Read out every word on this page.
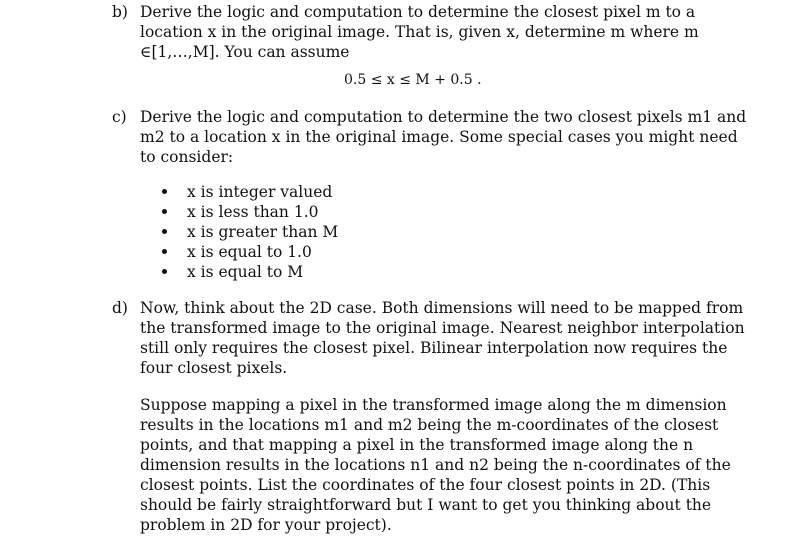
b) Derive the logic and computation to determine the closest pixel m to a
location x in the original image. That is, given x, determine m where m
∈[1,…,M]. You can assume
0.5 ≤ x ≤ M + 0.5 .
c) Derive the logic and computation to determine the two closest pixels m1 and
m2 to a location x in the original image. Some special cases you might need
to consider:
x is integer valued
x is less than 1.0
x is greater than M
x is equal to 1.0
x is equal to M
d) Now, think about the 2D case. Both dimensions will need to be mapped from
the transformed image to the original image. Nearest neighbor interpolation
still only requires the closest pixel. Bilinear interpolation now requires the
four closest pixels.
Suppose mapping a pixel in the transformed image along the m dimension
results in the locations m1 and m2 being the m-coordinates of the closest
points, and that mapping a pixel in the transformed image along the n
dimension results in the locations n1 and n2 being the n-coordinates of the
closest points. List the coordinates of the four closest points in 2D. (This
should be fairly straightforward but I want to get you thinking about the
problem in 2D for your project).
